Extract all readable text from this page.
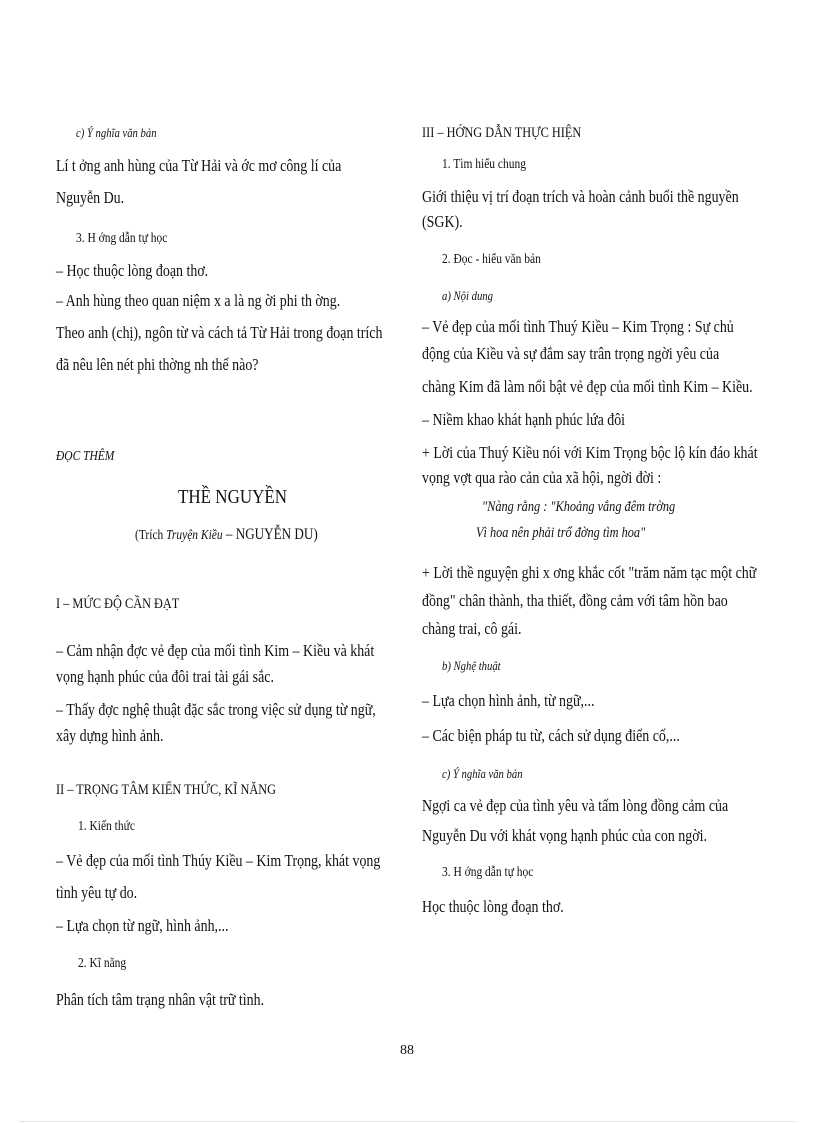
c) Ý nghĩa văn bản
Lí t ởng anh hùng của Từ Hải và ớc mơ công lí của
Nguyễn Du.
3. H ớng dẫn tự học
– Học thuộc lòng đoạn thơ.
– Anh hùng theo quan niệm x a là ng ời phi th ờng.
Theo anh (chị), ngôn từ và cách tả Từ Hải trong đoạn trích
đã nêu lên nét phi thờng nh thế nào?
ĐỌC THÊM
THỀ NGUYỀN
(Trích Truyện Kiều – NGUYỄN DU)
I – MỨC ĐỘ CẦN ĐẠT
– Cảm nhận đợc vẻ đẹp của mối tình Kim – Kiều và khát
vọng hạnh phúc của đôi trai tài gái sắc.
– Thấy đợc nghệ thuật đặc sắc trong việc sử dụng từ ngữ,
xây dựng hình ảnh.
II – TRỌNG TÂM KIẾN THỨC, KĨ NĂNG
1. Kiến thức
– Vẻ đẹp của mối tình Thúy Kiều – Kim Trọng, khát vọng
tình yêu tự do.
– Lựa chọn từ ngữ, hình ảnh,...
2. Kĩ năng
Phân tích tâm trạng nhân vật trữ tình.
III – HỚNG DẪN THỰC HIỆN
1. Tìm hiểu chung
Giới thiệu vị trí đoạn trích và hoàn cảnh buổi thề nguyền
(SGK).
2. Đọc - hiểu văn bản
a) Nội dung
– Vẻ đẹp của mối tình Thuý Kiều – Kim Trọng : Sự chủ
động của Kiều và sự đắm say trân trọng ngời yêu của
chàng Kim đã làm nổi bật vẻ đẹp của mối tình Kim – Kiều.
– Niềm khao khát hạnh phúc lứa đôi
+ Lời của Thuý Kiều nói với Kim Trọng bộc lộ kín đáo khát
vọng vợt qua rào cản của xã hội, ngời đời :
"Nàng rằng : "Khoảng vắng đêm trờng
Vì hoa nên phải trổ đờng tìm hoa"
+ Lời thề nguyện ghi x ơng khắc cốt "trăm năm tạc một chữ
đồng" chân thành, tha thiết, đồng cảm với tâm hồn bao
chàng trai, cô gái.
b) Nghệ thuật
– Lựa chọn hình ảnh, từ ngữ,...
– Các biện pháp tu từ, cách sử dụng điển cố,...
c) Ý nghĩa văn bản
Ngợi ca vẻ đẹp của tình yêu và tấm lòng đồng cảm của
Nguyễn Du với khát vọng hạnh phúc của con ngời.
3. H ớng dẫn tự học
Học thuộc lòng đoạn thơ.
88
